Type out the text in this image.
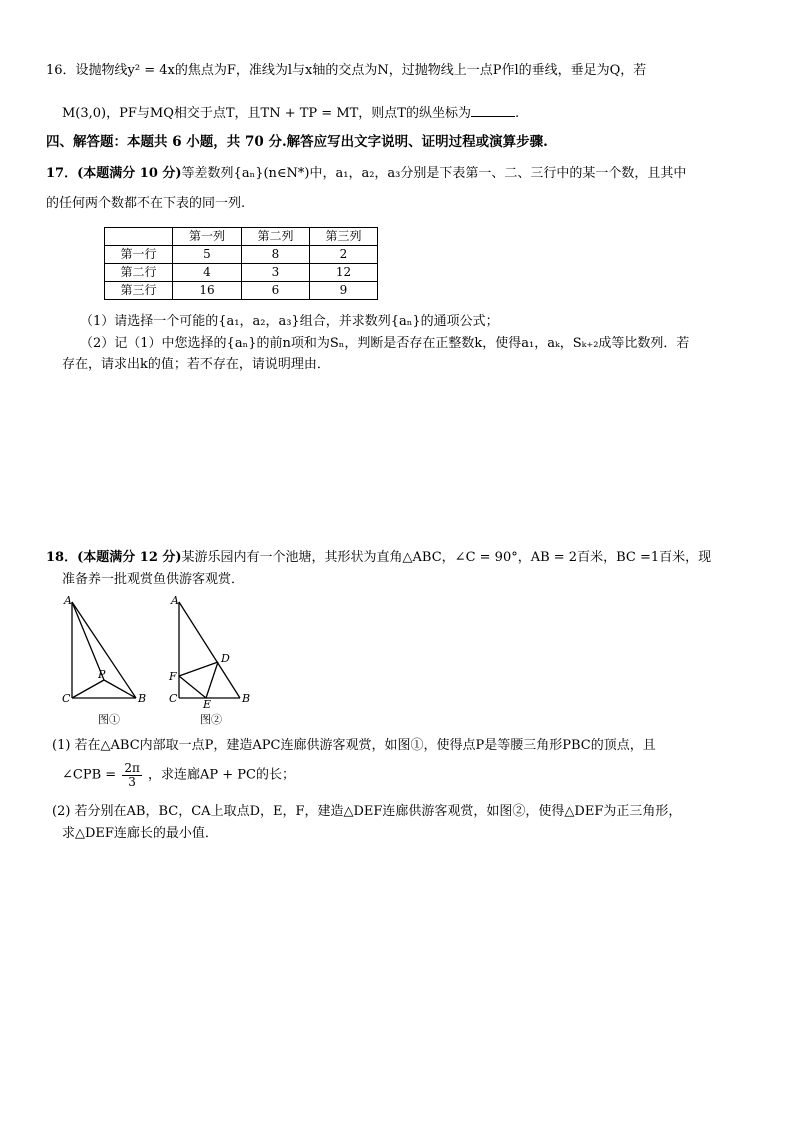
16．设抛物线y² = 4x的焦点为F，准线为l与x轴的交点为N，过抛物线上一点P作l的垂线，垂足为Q，若
M(3,0)，PF与MQ相交于点T，且TN + TP = MT，则点T的纵坐标为	.
四、解答题：本题共 6 小题，共 70 分.解答应写出文字说明、证明过程或演算步骤.
17．(本题满分 10 分)等差数列{aₙ}(n∈N*)中，a₁，a₂，a₃分别是下表第一、二、三行中的某一个数，且其中
的任何两个数都不在下表的同一列.
	第一列	第二列	第三列
第一行	5	8	2
第二行	4	3	12
第三行	16	6	9
（1）请选择一个可能的{a₁，a₂，a₃}组合，并求数列{aₙ}的通项公式；
（2）记（1）中您选择的{aₙ}的前n项和为Sₙ，判断是否存在正整数k，使得a₁，aₖ，Sₖ₊₂成等比数列．若
存在，请求出k的值；若不存在，请说明理由．
18．(本题满分 12 分)某游乐园内有一个池塘，其形状为直角△ABC，∠C = 90°，AB = 2百米，BC =1百米，现
准备养一批观赏鱼供游客观赏．
A
C	B
P
图①
A
C	B
D
E
F
图②
(1) 若在△ABC内部取一点P，建造APC连廊供游客观赏，如图①，使得点P是等腰三角形PBC的顶点，且
∠CPB = $\frac{2\pi}{3}$ ，求连廊AP + PC的长；
(2) 若分别在AB，BC，CA上取点D，E，F，建造△DEF连廊供游客观赏，如图②，使得△DEF为正三角形，
求△DEF连廊长的最小值．
